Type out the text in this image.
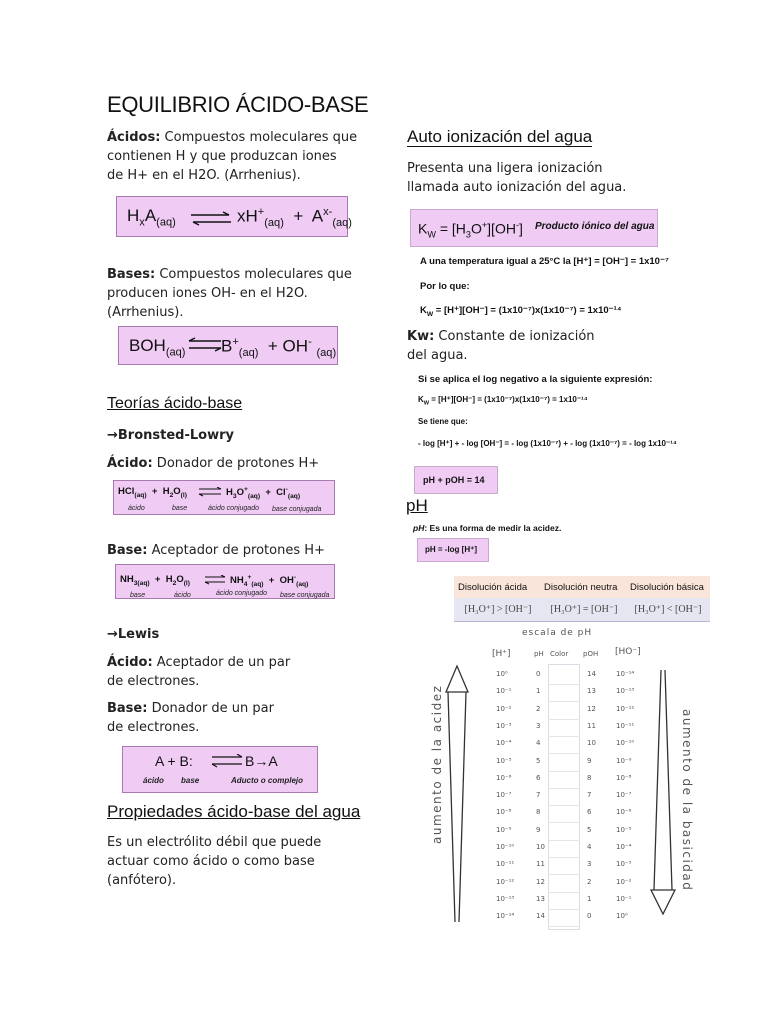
EQUILIBRIO ÁCIDO-BASE
Ácidos: Compuestos moleculares que
contienen H y que produzcan iones
de H+ en el H2O. (Arrhenius).
$H_xA_{(aq)}$ ⇌ $xH^+_{(aq)} + A^{x-}_{(aq)}$
Bases: Compuestos moleculares que
producen iones OH- en el H2O.
(Arrhenius).
$BOH_{(aq)}$ ⇌
$B^+_{(aq)} + OH^-$ $_{(aq)}$
Teorías ácido-base
→Bronsted-Lowry
Ácido: Donador de protones H+
$HCl_{(aq)} + H_2O_{(l)}$ ⇌ $H_3O^+_{(aq)} + Cl^-_{(aq)}$
ácido	base	ácido conjugado base conjugada
Base: Aceptador de protones H+
$NH_{3(aq)} + H_2O_{(l)}$ ⇌ $NH_4^+_{(aq)} + OH^-_{(aq)}$
base	ácido	ácido conjugado base conjugada
→Lewis
Ácido: Aceptador de un par
de electrones.
Base: Donador de un par
de electrones.
A + B: ⇌ B→A
ácido base	Aducto o complejo
Propiedades ácido-base del agua
Es un electrólito débil que puede
actuar como ácido o como base
(anfótero).
Auto ionización del agua
Presenta una ligera ionización
llamada auto ionización del agua.
$K_W = [H_3O^+][OH^-]$ Producto iónico del agua
A una temperatura igual a 25°C la [H⁺] = [OH⁻] = 1x10⁻⁷
Por lo que:
$K_W = [H^+][OH^-] = (1x10^{-7})x(1x10^{-7}) = 1x10^{-14}$
Kw: Constante de ionización
del agua.
Si se aplica el log negativo a la siguiente expresión:
$K_W = [H^+][OH^-] = (1x10^{-7})x(1x10^{-7}) = 1x10^{-14}$
Se tiene que:
- log [H⁺] + - log [OH⁻] = - log (1x10⁻⁷) + - log (1x10⁻⁷) = - log 1x10⁻¹⁴
pH + pOH = 14
pH
pH: Es una forma de medir la acidez.
pH = -log [H⁺]
Disolución ácida Disolución neutra Disolución básica
[H₃O⁺] > [OH⁻]	[H₃O⁺] = [OH⁻]	[H₃O⁺] < [OH⁻]
escala de pH
[H⁺]	pH Color pOH [HO⁻]
10⁰	0	14	10⁻¹⁴
10⁻¹	1	13	10⁻¹³
10⁻²	2	12	10⁻¹²
10⁻³	3	11	10⁻¹¹
10⁻⁴	4	10	10⁻¹⁰
10⁻⁵	5	9	10⁻⁹
10⁻⁶	6	8	10⁻⁸
10⁻⁷	7	7	10⁻⁷
10⁻⁸	8	6	10⁻⁶
10⁻⁹	9	5	10⁻⁵
10⁻¹⁰	10	4	10⁻⁴
10⁻¹¹	11	3	10⁻³
10⁻¹²	12	2	10⁻²
10⁻¹³	13	1	10⁻¹
10⁻¹⁴	14	0	10⁰
aumento de la acidez	aumento de la basicidad
